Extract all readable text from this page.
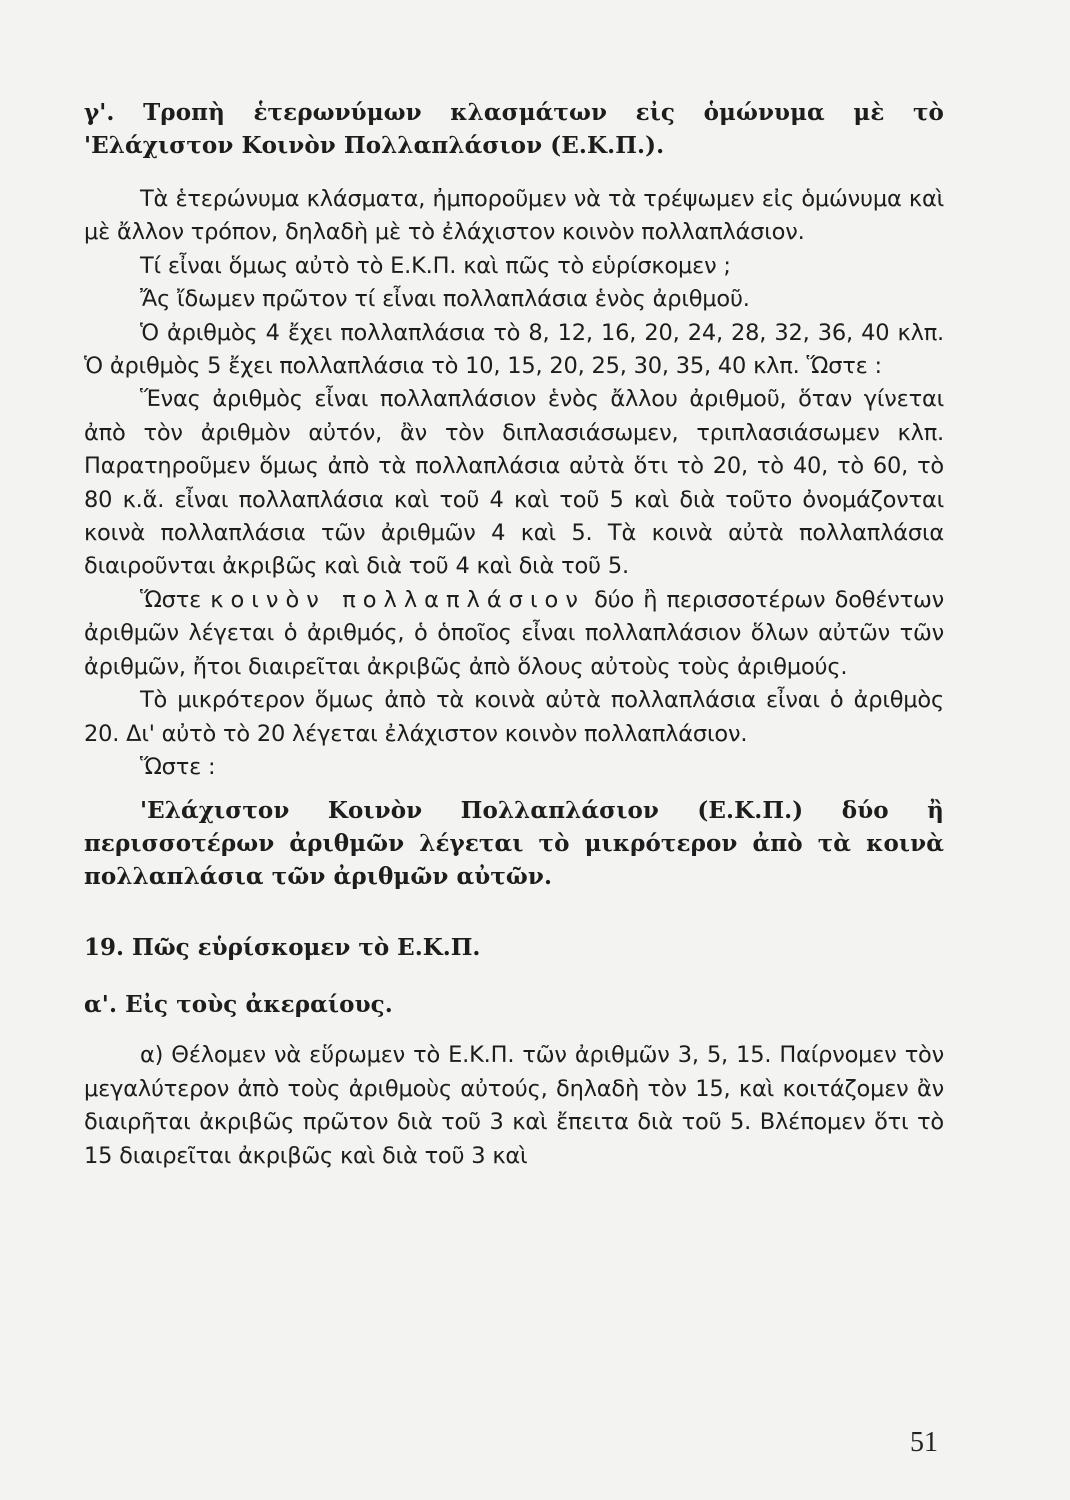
γ'. Τροπὴ ἑτερωνύμων κλασμάτων εἰς ὁμώνυμα μὲ τὸ 'Ελάχιστον Κοινὸν Πολλαπλάσιον (Ε.Κ.Π.).

Τὰ ἑτερώνυμα κλάσματα, ἠμποροῦμεν νὰ τὰ τρέψωμεν εἰς ὁμώνυμα καὶ μὲ ἄλλον τρόπον, δηλαδὴ μὲ τὸ ἐλάχιστον κοινὸν πολλαπλάσιον.

Τί εἶναι ὅμως αὐτὸ τὸ Ε.Κ.Π. καὶ πῶς τὸ εὑρίσκομεν ;

Ἄς ἴδωμεν πρῶτον τί εἶναι πολλαπλάσια ἑνὸς ἀριθμοῦ.

Ὁ ἀριθμὸς 4 ἔχει πολλαπλάσια τὸ 8, 12, 16, 20, 24, 28, 32, 36, 40 κλπ. Ὁ ἀριθμὸς 5 ἔχει πολλαπλάσια τὸ 10, 15, 20, 25, 30, 35, 40 κλπ. Ὥστε :

Ἕνας ἀριθμὸς εἶναι πολλαπλάσιον ἑνὸς ἄλλου ἀριθμοῦ, ὅταν γίνεται ἀπὸ τὸν ἀριθμὸν αὐτόν, ἂν τὸν διπλασιάσωμεν, τριπλασιάσωμεν κλπ. Παρατηροῦμεν ὅμως ἀπὸ τὰ πολλαπλάσια αὐτὰ ὅτι τὸ 20, τὸ 40, τὸ 60, τὸ 80 κ.ἅ. εἶναι πολλαπλάσια καὶ τοῦ 4 καὶ τοῦ 5 καὶ διὰ τοῦτο ὀνομάζονται κοινὰ πολλαπλάσια τῶν ἀριθμῶν 4 καὶ 5. Τὰ κοινὰ αὐτὰ πολλαπλάσια διαιροῦνται ἀκριβῶς καὶ διὰ τοῦ 4 καὶ διὰ τοῦ 5.

Ὥστε κοινὸν πολλαπλάσιον δύο ἢ περισσοτέρων δοθέντων ἀριθμῶν λέγεται ὁ ἀριθμός, ὁ ὁποῖος εἶναι πολλαπλάσιον ὅλων αὐτῶν τῶν ἀριθμῶν, ἤτοι διαιρεῖται ἀκριβῶς ἀπὸ ὅλους αὐτοὺς τοὺς ἀριθμούς.

Τὸ μικρότερον ὅμως ἀπὸ τὰ κοινὰ αὐτὰ πολλαπλάσια εἶναι ὁ ἀριθμὸς 20. Δι' αὐτὸ τὸ 20 λέγεται ἐλάχιστον κοινὸν πολλαπλάσιον.

Ὥστε :

'Ελάχιστον Κοινὸν Πολλαπλάσιον (Ε.Κ.Π.) δύο ἢ περισσοτέρων ἀριθμῶν λέγεται τὸ μικρότερον ἀπὸ τὰ κοινὰ πολλαπλάσια τῶν ἀριθμῶν αὐτῶν.
19. Πῶς εὑρίσκομεν τὸ Ε.Κ.Π.
α'. Εἰς τοὺς ἀκεραίους.

α) Θέλομεν νὰ εὕρωμεν τὸ Ε.Κ.Π. τῶν ἀριθμῶν 3, 5, 15. Παίρνομεν τὸν μεγαλύτερον ἀπὸ τοὺς ἀριθμοὺς αὐτούς, δηλαδὴ τὸν 15, καὶ κοιτάζομεν ἂν διαιρῆται ἀκριβῶς πρῶτον διὰ τοῦ 3 καὶ ἔπειτα διὰ τοῦ 5. Βλέπομεν ὅτι τὸ 15 διαιρεῖται ἀκριβῶς καὶ διὰ τοῦ 3 καὶ

51
